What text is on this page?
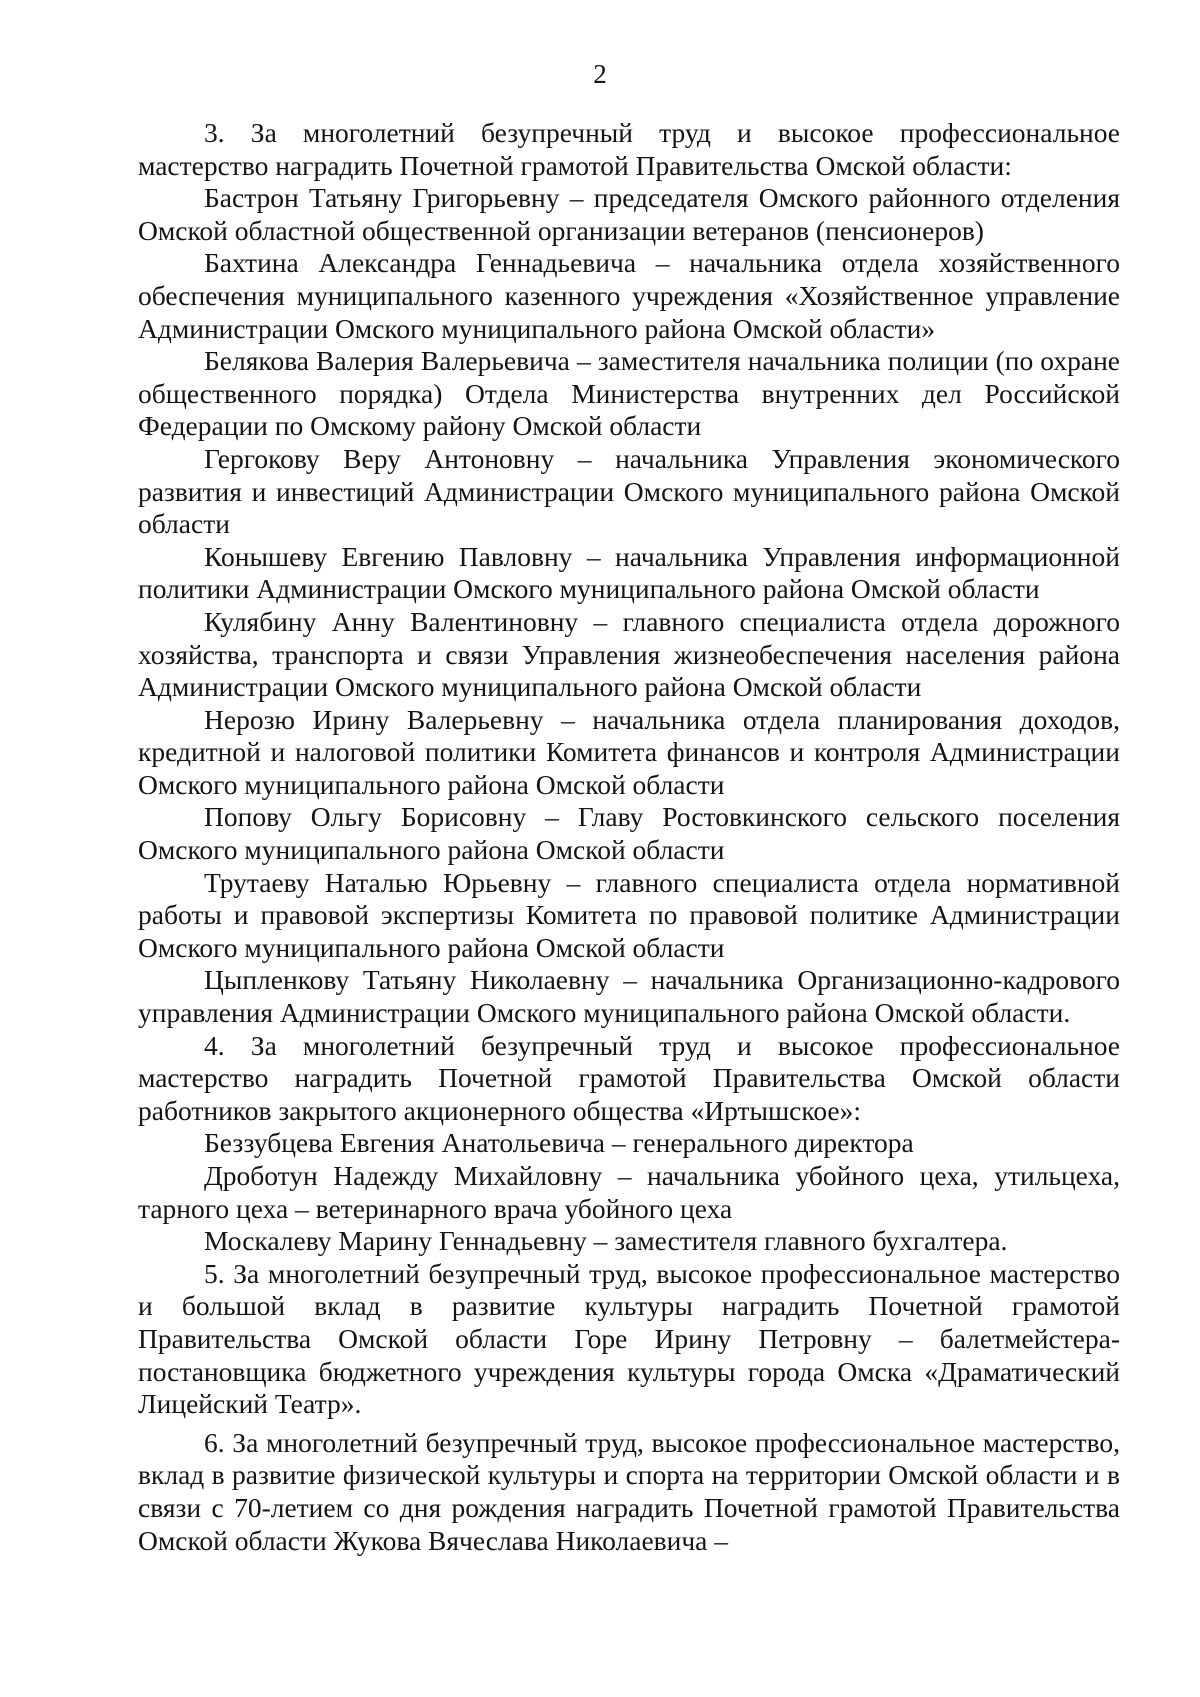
2

3. За многолетний безупречный труд и высокое профессиональное мастерство наградить Почетной грамотой Правительства Омской области:

Бастрон Татьяну Григорьевну – председателя Омского районного отделения Омской областной общественной организации ветеранов (пенсионеров)

Бахтина Александра Геннадьевича – начальника отдела хозяйственного обеспечения муниципального казенного учреждения «Хозяйственное управление Администрации Омского муниципального района Омской области»

Белякова Валерия Валерьевича – заместителя начальника полиции (по охране общественного порядка) Отдела Министерства внутренних дел Российской Федерации по Омскому району Омской области

Гергокову Веру Антоновну – начальника Управления экономического развития и инвестиций Администрации Омского муниципального района Омской области

Конышеву Евгению Павловну – начальника Управления информационной политики Администрации Омского муниципального района Омской области

Кулябину Анну Валентиновну – главного специалиста отдела дорожного хозяйства, транспорта и связи Управления жизнеобеспечения населения района Администрации Омского муниципального района Омской области

Нерозю Ирину Валерьевну – начальника отдела планирования доходов, кредитной и налоговой политики Комитета финансов и контроля Администрации Омского муниципального района Омской области

Попову Ольгу Борисовну – Главу Ростовкинского сельского поселения Омского муниципального района Омской области

Трутаеву Наталью Юрьевну – главного специалиста отдела нормативной работы и правовой экспертизы Комитета по правовой политике Администрации Омского муниципального района Омской области

Цыпленкову Татьяну Николаевну – начальника Организационно-кадрового управления Администрации Омского муниципального района Омской области.

4. За многолетний безупречный труд и высокое профессиональное мастерство наградить Почетной грамотой Правительства Омской области работников закрытого акционерного общества «Иртышское»:

Беззубцева Евгения Анатольевича – генерального директора

Дроботун Надежду Михайловну – начальника убойного цеха, утильцеха, тарного цеха – ветеринарного врача убойного цеха

Москалеву Марину Геннадьевну – заместителя главного бухгалтера.

5. За многолетний безупречный труд, высокое профессиональное мастерство и большой вклад в развитие культуры наградить Почетной грамотой Правительства Омской области Горе Ирину Петровну – балетмейстера-постановщика бюджетного учреждения культуры города Омска «Драматический Лицейский Театр».

6. За многолетний безупречный труд, высокое профессиональное мастерство, вклад в развитие физической культуры и спорта на территории Омской области и в связи с 70-летием со дня рождения наградить Почетной грамотой Правительства Омской области Жукова Вячеслава Николаевича –
